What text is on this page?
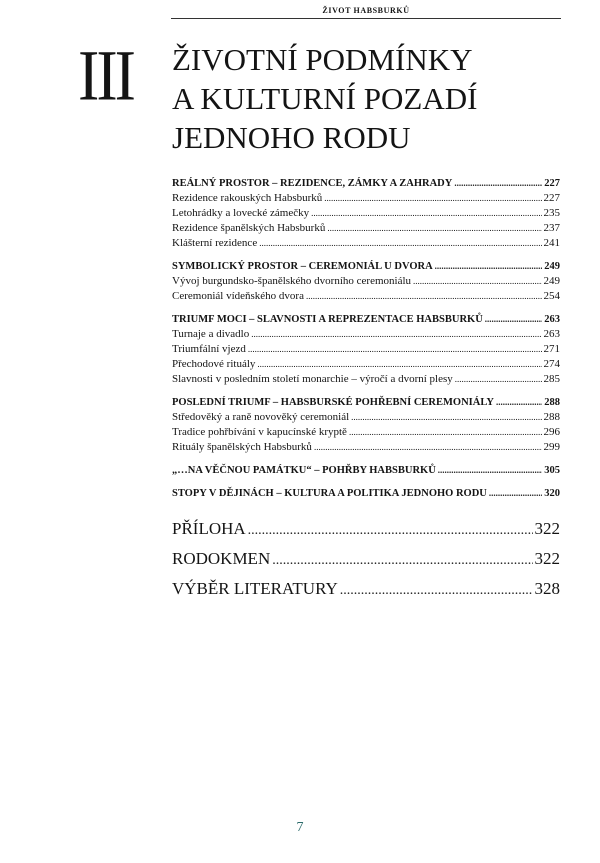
ŽIVOT HABSBURKŮ
III ŽIVOTNÍ PODMÍNKY
A KULTURNÍ POZADÍ
JEDNOHO RODU
REÁLNÝ PROSTOR – REZIDENCE, ZÁMKY A ZAHRADY .....	227
Rezidence rakouských Habsburků .....	227
Letohrádky a lovecké zámečky .....	235
Rezidence španělských Habsburků .....	237
Klášterní rezidence .....	241
SYMBOLICKÝ PROSTOR – CEREMONIÁL U DVORA .....	249
Vývoj burgundsko-španělského dvorního ceremoniálu .....	249
Ceremoniál vídeňského dvora .....	254
TRIUMF MOCI – SLAVNOSTI A REPREZENTACE HABSBURKŮ .....	263
Turnaje a divadlo .....	263
Triumfální vjezd .....	271
Přechodové rituály .....	274
Slavnosti v posledním století monarchie – výročí a dvorní plesy .....	285
POSLEDNÍ TRIUMF – HABSBURSKÉ POHŘEBNÍ CEREMONIÁLY .....	288
Středověký a raně novověký ceremoniál .....	288
Tradice pohřbívání v kapucínské kryptě .....	296
Rituály španělských Habsburků .....	299
„…NA VĚČNOU PAMÁTKU“ – POHŘBY HABSBURKŮ .....	305
STOPY V DĚJINÁCH – KULTURA A POLITIKA JEDNOHO RODU .....	320
PŘÍLOHA .....	322
RODOKMEN .....	322
VÝBĚR LITERATURY .....	328
7
